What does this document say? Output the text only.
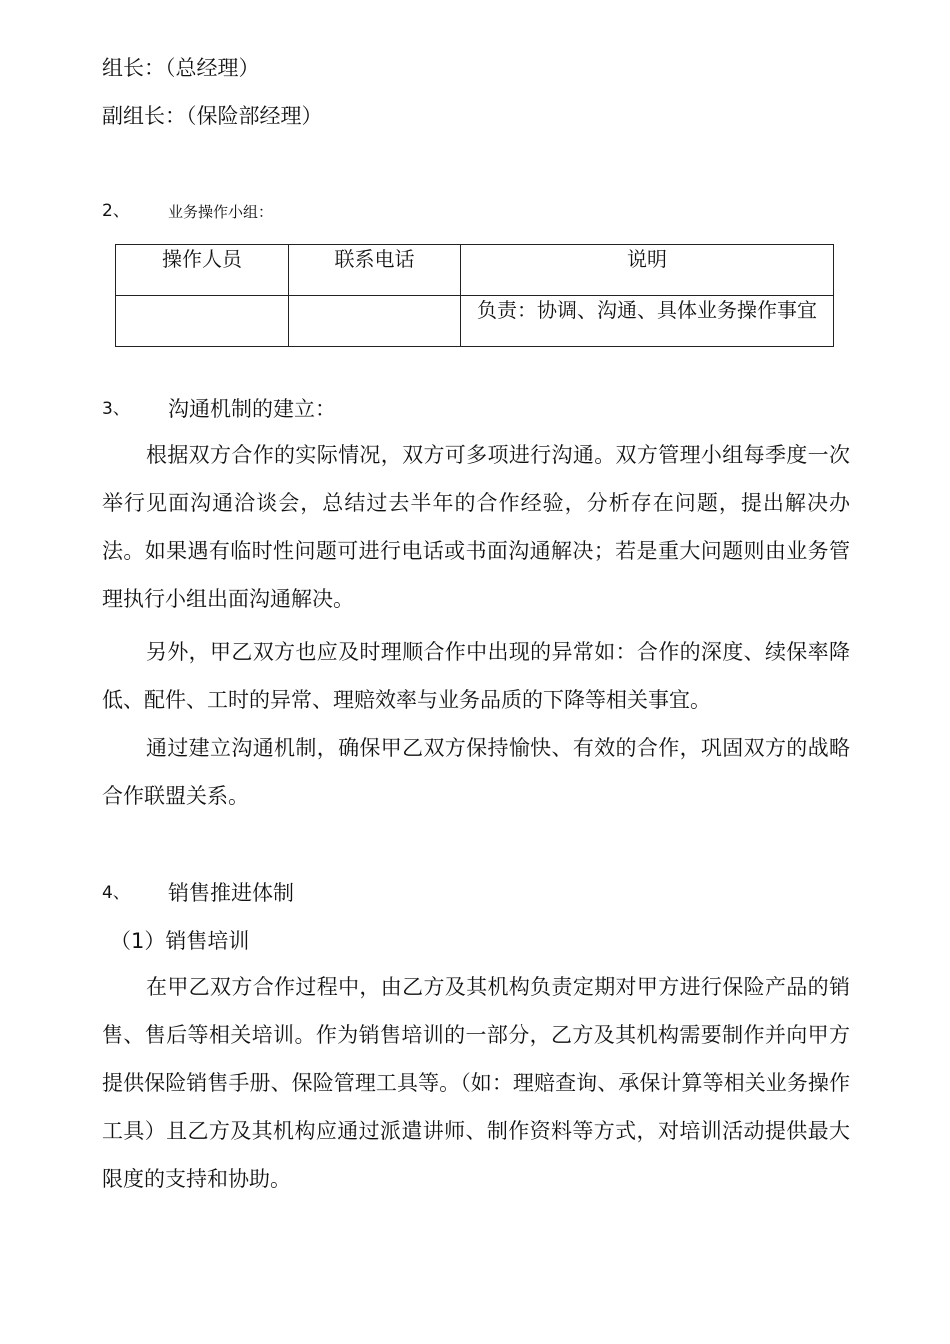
组长：（总经理）
副组长：（保险部经理）
2、	业务操作小组：
操作人员	联系电话	说明
		负责：协调、沟通、具体业务操作事宜
3、 沟通机制的建立：
根据双方合作的实际情况，双方可多项进行沟通。双方管理小组每季度一次举行见面沟通洽谈会，总结过去半年的合作经验，分析存在问题，提出解决办法。如果遇有临时性问题可进行电话或书面沟通解决；若是重大问题则由业务管理执行小组出面沟通解决。
另外，甲乙双方也应及时理顺合作中出现的异常如：合作的深度、续保率降低、配件、工时的异常、理赔效率与业务品质的下降等相关事宜。
通过建立沟通机制，确保甲乙双方保持愉快、有效的合作，巩固双方的战略合作联盟关系。
4、 销售推进体制
（1）销售培训
在甲乙双方合作过程中，由乙方及其机构负责定期对甲方进行保险产品的销售、售后等相关培训。作为销售培训的一部分，乙方及其机构需要制作并向甲方提供保险销售手册、保险管理工具等。（如：理赔查询、承保计算等相关业务操作工具）且乙方及其机构应通过派遣讲师、制作资料等方式，对培训活动提供最大限度的支持和协助。
